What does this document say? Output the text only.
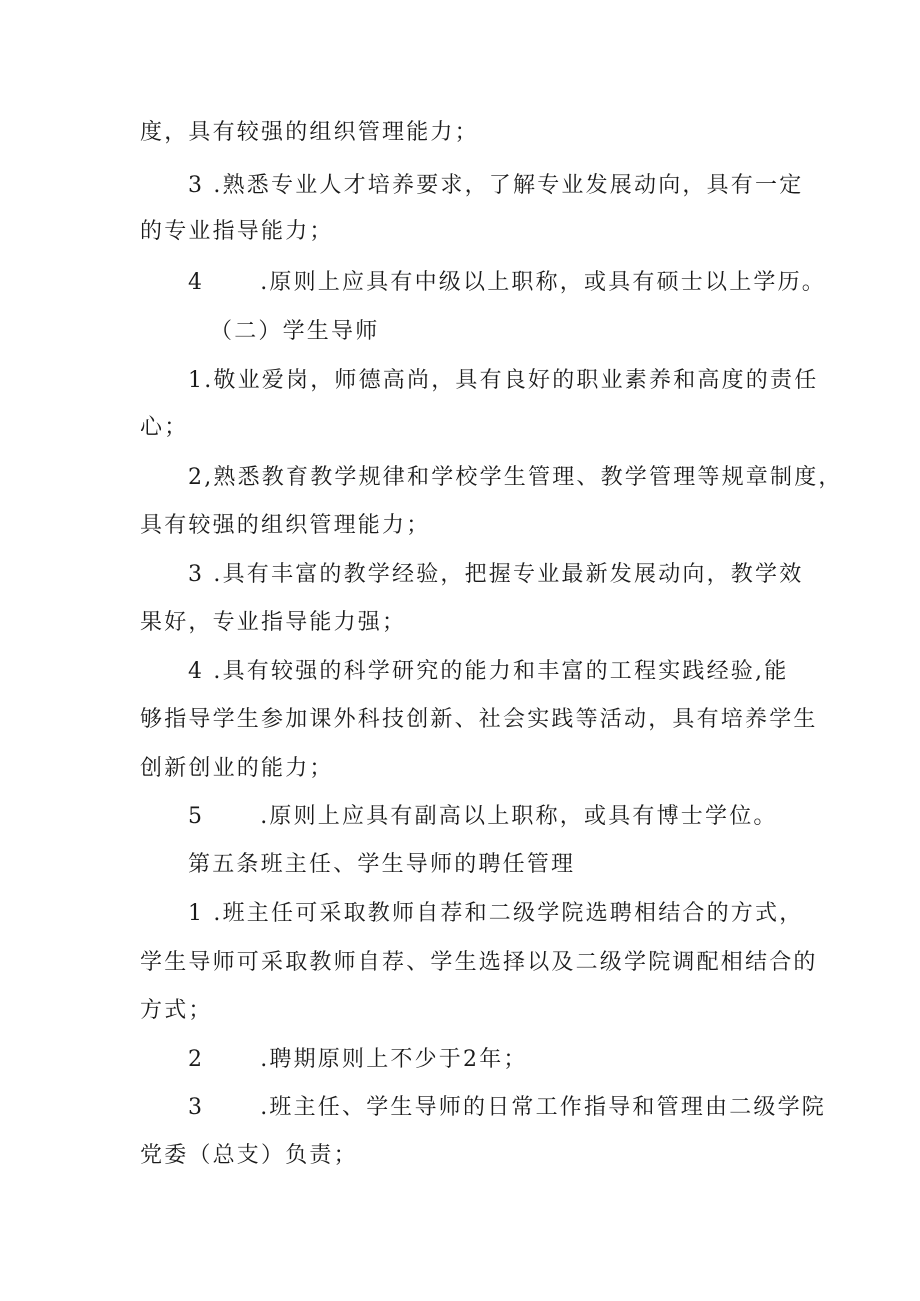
度，具有较强的组织管理能力；
3 .熟悉专业人才培养要求，了解专业发展动向，具有一定
的专业指导能力；
4	.原则上应具有中级以上职称，或具有硕士以上学历。
（二）学生导师
1.敬业爱岗，师德高尚，具有良好的职业素养和高度的责任
心；
2,熟悉教育教学规律和学校学生管理、教学管理等规章制度，
具有较强的组织管理能力；
3 .具有丰富的教学经验，把握专业最新发展动向，教学效
果好，专业指导能力强；
4 .具有较强的科学研究的能力和丰富的工程实践经验,能
够指导学生参加课外科技创新、社会实践等活动，具有培养学生
创新创业的能力；
5	.原则上应具有副高以上职称，或具有博士学位。
第五条班主任、学生导师的聘任管理
1 .班主任可采取教师自荐和二级学院选聘相结合的方式，
学生导师可采取教师自荐、学生选择以及二级学院调配相结合的
方式；
2	.聘期原则上不少于2年；
3	.班主任、学生导师的日常工作指导和管理由二级学院
党委（总支）负责；
